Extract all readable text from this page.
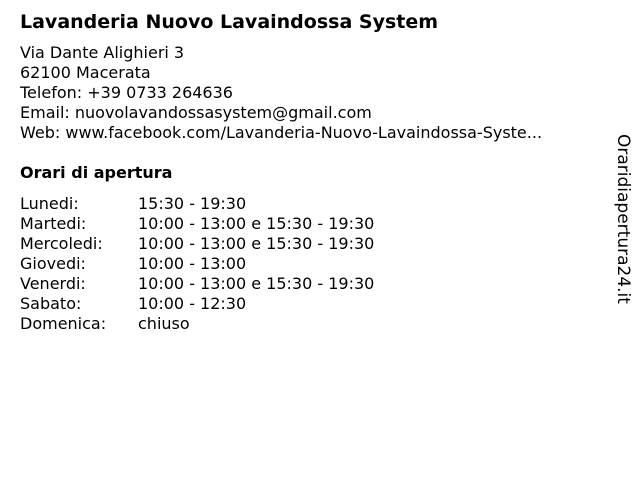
Lavanderia Nuovo Lavaindossa System
Via Dante Alighieri 3
62100 Macerata
Telefon: +39 0733 264636
Email: nuovolavandossasystem@gmail.com
Web: www.facebook.com/Lavanderia-Nuovo-Lavaindossa-Syste...
Orari di apertura
Lunedi:	15:30 - 19:30
Martedi:	10:00 - 13:00 e 15:30 - 19:30
Mercoledi: 10:00 - 13:00 e 15:30 - 19:30
Giovedi:	10:00 - 13:00
Venerdi:	10:00 - 13:00 e 15:30 - 19:30
Sabato:	10:00 - 12:30
Domenica: chiuso
Oraridiapertura24.it
